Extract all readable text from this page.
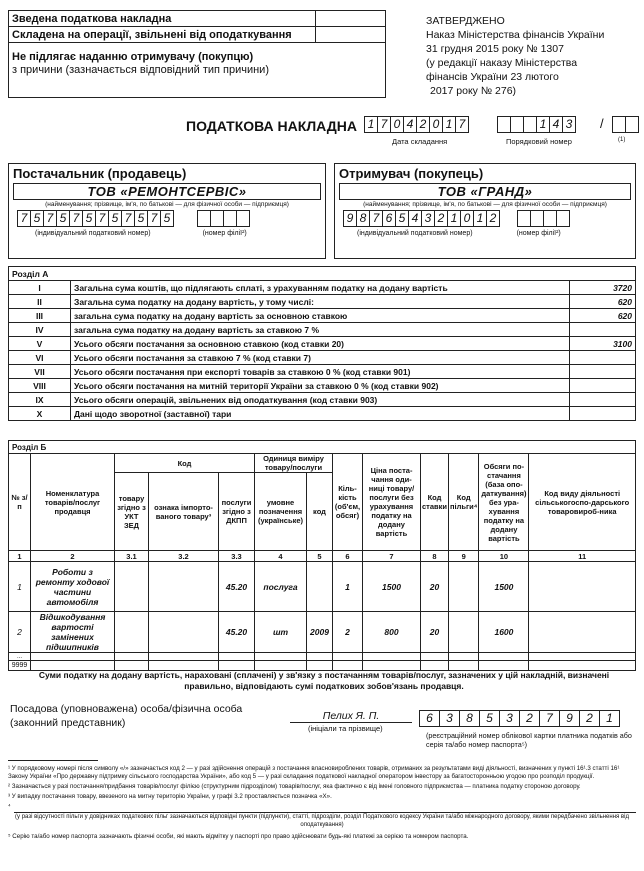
Зведена податкова накладна
Складена на операції, звільнені від оподаткування
Не підлягає наданню отримувачу (покупцю)
з причини (зазначається відповідний тип причини)
ЗАТВЕРДЖЕНО
Наказ Міністерства фінансів України
31 грудня 2015 року № 1307
(у редакції наказу Міністерства
фінансів України 23 лютого
2017 року № 276)
ПОДАТКОВА НАКЛАДНА 1 7 0 4 2 0 1 7
Дата складання
1 4 3 /
Порядковий номер	(1)
Постачальник (продавець)
ТОВ «РЕМОНТСЕРВІС»
(найменування; прізвище, ім'я, по батькові — для фізичної особи — підприємця)
7 5 7 5 7 5 7 5 7 5 7 5
(індивідуальний податковий номер)	(номер філії²)
Отримувач (покупець)
ТОВ «ГРАНД»
(найменування; прізвище, ім'я, по батькові — для фізичної особи — підприємця)
9 8 7 6 5 4 3 2 1 0 1 2
(індивідуальний податковий номер)	(номер філії²)
Розділ А		
I	Загальна сума коштів, що підлягають сплаті, з урахуванням податку на додану вартість	3720
II	Загальна сума податку на додану вартість, у тому числі:	620
III	загальна сума податку на додану вартість за основною ставкою	620
IV	загальна сума податку на додану вартість за ставкою 7 %	
V	Усього обсяги постачання за основною ставкою (код ставки 20)	3100
VI	Усього обсяги постачання за ставкою 7 % (код ставки 7)	
VII	Усього обсяги постачання при експорті товарів за ставкою 0 % (код ставки 901)	
VIII	Усього обсяги постачання на митній території України за ставкою 0 % (код ставки 902)	
IX	Усього обсяги операцій, звільнених від оподаткування (код ставки 903)	
X	Дані щодо зворотної (заставної) тари	
Розділ Б												
№ з/п	Номенклатура товарів/послуг продавця	Код			Одиниця виміру товару/послуги		Кіль-кість (об'єм, обсяг)	Ціна поста-чання оди-ниці товару/ послуги без урахування податку на додану вартість	Код ставки	Код пільги⁴	Обсяги по-стачання (база опо-даткування) без ура-хування податку на додану вартість	Код виду діяльності сільськогоспо-дарського товаровироб-ника
		товару згідно з УКТ ЗЕД	ознака імпорто-ваного товару³	послуги згідно з ДКПП	умовне позначення (українське)	код						
1	2	3.1	3.2	3.3	4	5	6	7	8	9	10	11
1	Роботи з ремонту ходової частини автомобіля			45.20	послуга		1	1500	20		1500	
2	Відшкодування вартості замінених підшипників			45.20	шт	2009	2	800	20		1600	
...												
9999												
Суми податку на додану вартість, нараховані (сплачені) у зв'язку з постачанням товарів/послуг, зазначених у цій накладній, визначені правильно, відповідають сумі податкових зобов'язань продавця.
Посадова (уповноважена) особа/фізична особа
(законний представник)
Пелих Я. П.
(ініціали та прізвище)
6	3	8	5	3	2	7	9	2	1
(реєстраційний номер облікової картки платника податків або серія та/або номер паспорта⁵)
¹ У порядковому номері після символу «/» зазначається код 2 — у разі здійснення операцій з постачання власновироблених товарів, отриманих за результатами виді діяльності, визначених у пункті 16¹.3 статті 16¹ Закону України «Про державну підтримку сільського господарства України», або код 5 — у разі складання податкової накладної оператором інвестору за багатосторонньою угодою про розподіл продукції.
² Зазначається у разі постачання/придбання товарів/послуг філією (структурним підрозділом) товарів/послуг, яка фактично є від імені головного підприємства — платника податку стороною договору.
³ У випадку постачання товару, ввезеного на митну територію України, у графі 3.2 проставляється позначка «Х».
⁴
(у разі відсутності пільги у довідниках податкових пільг зазначаються відповідні пункти (підпункти), статті, підрозділи, розділ Податкового кодексу України та/або міжнародного договору, якими передбачено звільнення від оподаткування)
⁵ Серію та/або номер паспорта зазначають фізичні особи, які мають відмітку у паспорті про право здійснювати будь-які платежі за серією та номером паспорта.
